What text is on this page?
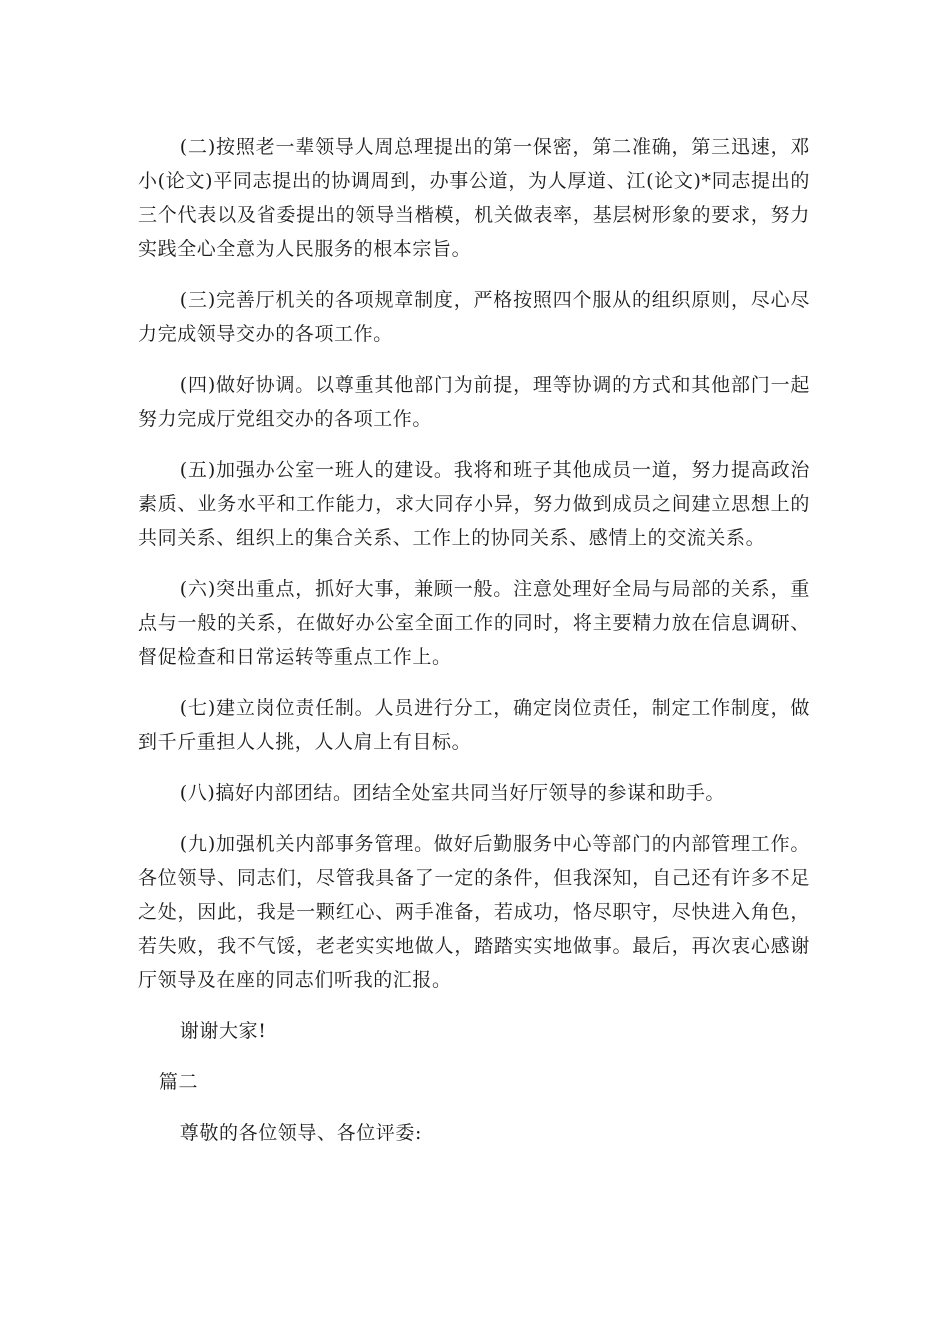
(二)按照老一辈领导人周总理提出的第一保密，第二准确，第三迅速，邓小(论文)平同志提出的协调周到，办事公道，为人厚道、江(论文)*同志提出的三个代表以及省委提出的领导当楷模，机关做表率，基层树形象的要求，努力实践全心全意为人民服务的根本宗旨。

(三)完善厅机关的各项规章制度，严格按照四个服从的组织原则，尽心尽力完成领导交办的各项工作。

(四)做好协调。以尊重其他部门为前提，理等协调的方式和其他部门一起努力完成厅党组交办的各项工作。

(五)加强办公室一班人的建设。我将和班子其他成员一道，努力提高政治素质、业务水平和工作能力，求大同存小异，努力做到成员之间建立思想上的共同关系、组织上的集合关系、工作上的协同关系、感情上的交流关系。

(六)突出重点，抓好大事，兼顾一般。注意处理好全局与局部的关系，重点与一般的关系，在做好办公室全面工作的同时，将主要精力放在信息调研、督促检查和日常运转等重点工作上。

(七)建立岗位责任制。人员进行分工，确定岗位责任，制定工作制度，做到千斤重担人人挑，人人肩上有目标。

(八)搞好内部团结。团结全处室共同当好厅领导的参谋和助手。

(九)加强机关内部事务管理。做好后勤服务中心等部门的内部管理工作。各位领导、同志们，尽管我具备了一定的条件，但我深知，自己还有许多不足之处，因此，我是一颗红心、两手准备，若成功，恪尽职守，尽快进入角色，若失败，我不气馁，老老实实地做人，踏踏实实地做事。最后，再次衷心感谢厅领导及在座的同志们听我的汇报。

谢谢大家!

篇二

尊敬的各位领导、各位评委:
